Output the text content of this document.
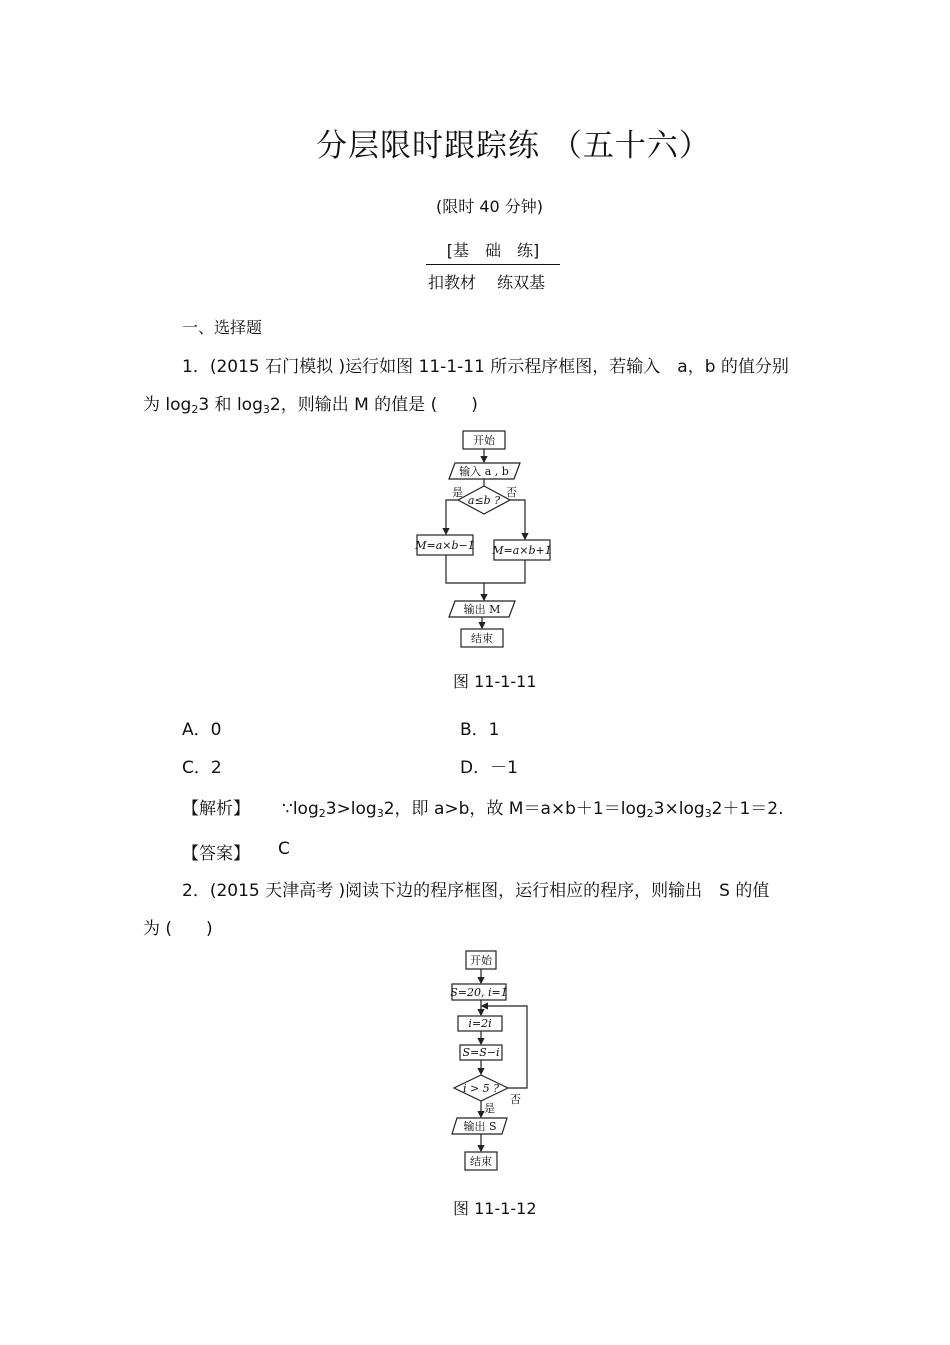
分层限时跟踪练 （五十六）
(限时 40 分钟)
[基　础　练]
扣教材　 练双基
一、选择题
1．(2015 石门模拟 )运行如图 11-1-11 所示程序框图，若输入　a，b 的值分别
为 $\log_23$ 和 $\log_32$，则输出 M 的值是 (　　)
开始
输入 a , b
a≤b ?
是	否
M=a×b−1 M=a×b+1
输出 M
结束
图 11-1-11
A．0	B．1
C．2	D．－1
【解析】 $\because\log_23>\log_32$，即 a>b，故 $M=a\times b+1=\log_23\times\log_32+1=2$.
【答案】 C
2．(2015 天津高考 )阅读下边的程序框图，运行相应的程序，则输出　S 的值
为 (　　)
开始
S=20, i=1
i=2i
S=S−i
i > 5 ?
否
是
输出 S
结束
图 11-1-12
